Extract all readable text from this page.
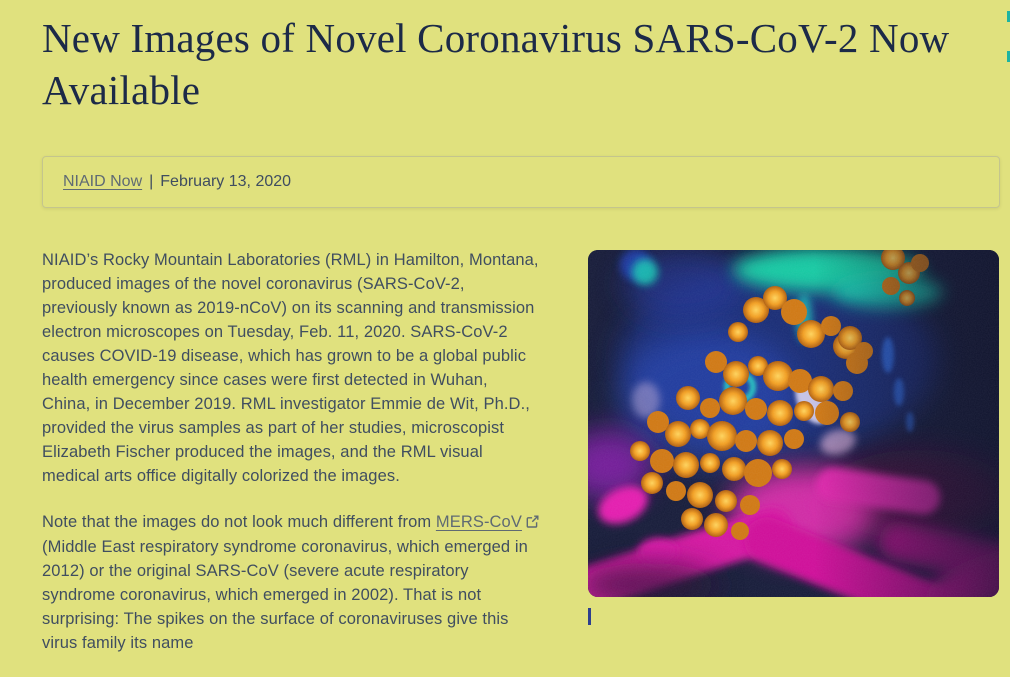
New Images of Novel Coronavirus SARS-CoV-2 Now Available
NIAID Now | February 13, 2020

NIAID’s Rocky Mountain Laboratories (RML) in Hamilton, Montana, produced images of the novel coronavirus (SARS-CoV-2, previously known as 2019-nCoV) on its scanning and transmission electron microscopes on Tuesday, Feb. 11, 2020. SARS-CoV-2 causes COVID-19 disease, which has grown to be a global public health emergency since cases were first detected in Wuhan, China, in December 2019. RML investigator Emmie de Wit, Ph.D., provided the virus samples as part of her studies, microscopist Elizabeth Fischer produced the images, and the RML visual medical arts office digitally colorized the images.

Note that the images do not look much different from MERS-CoV (Middle East respiratory syndrome coronavirus, which emerged in 2012) or the original SARS-CoV (severe acute respiratory syndrome coronavirus, which emerged in 2002). That is not surprising: The spikes on the surface of coronaviruses give this virus family its name
